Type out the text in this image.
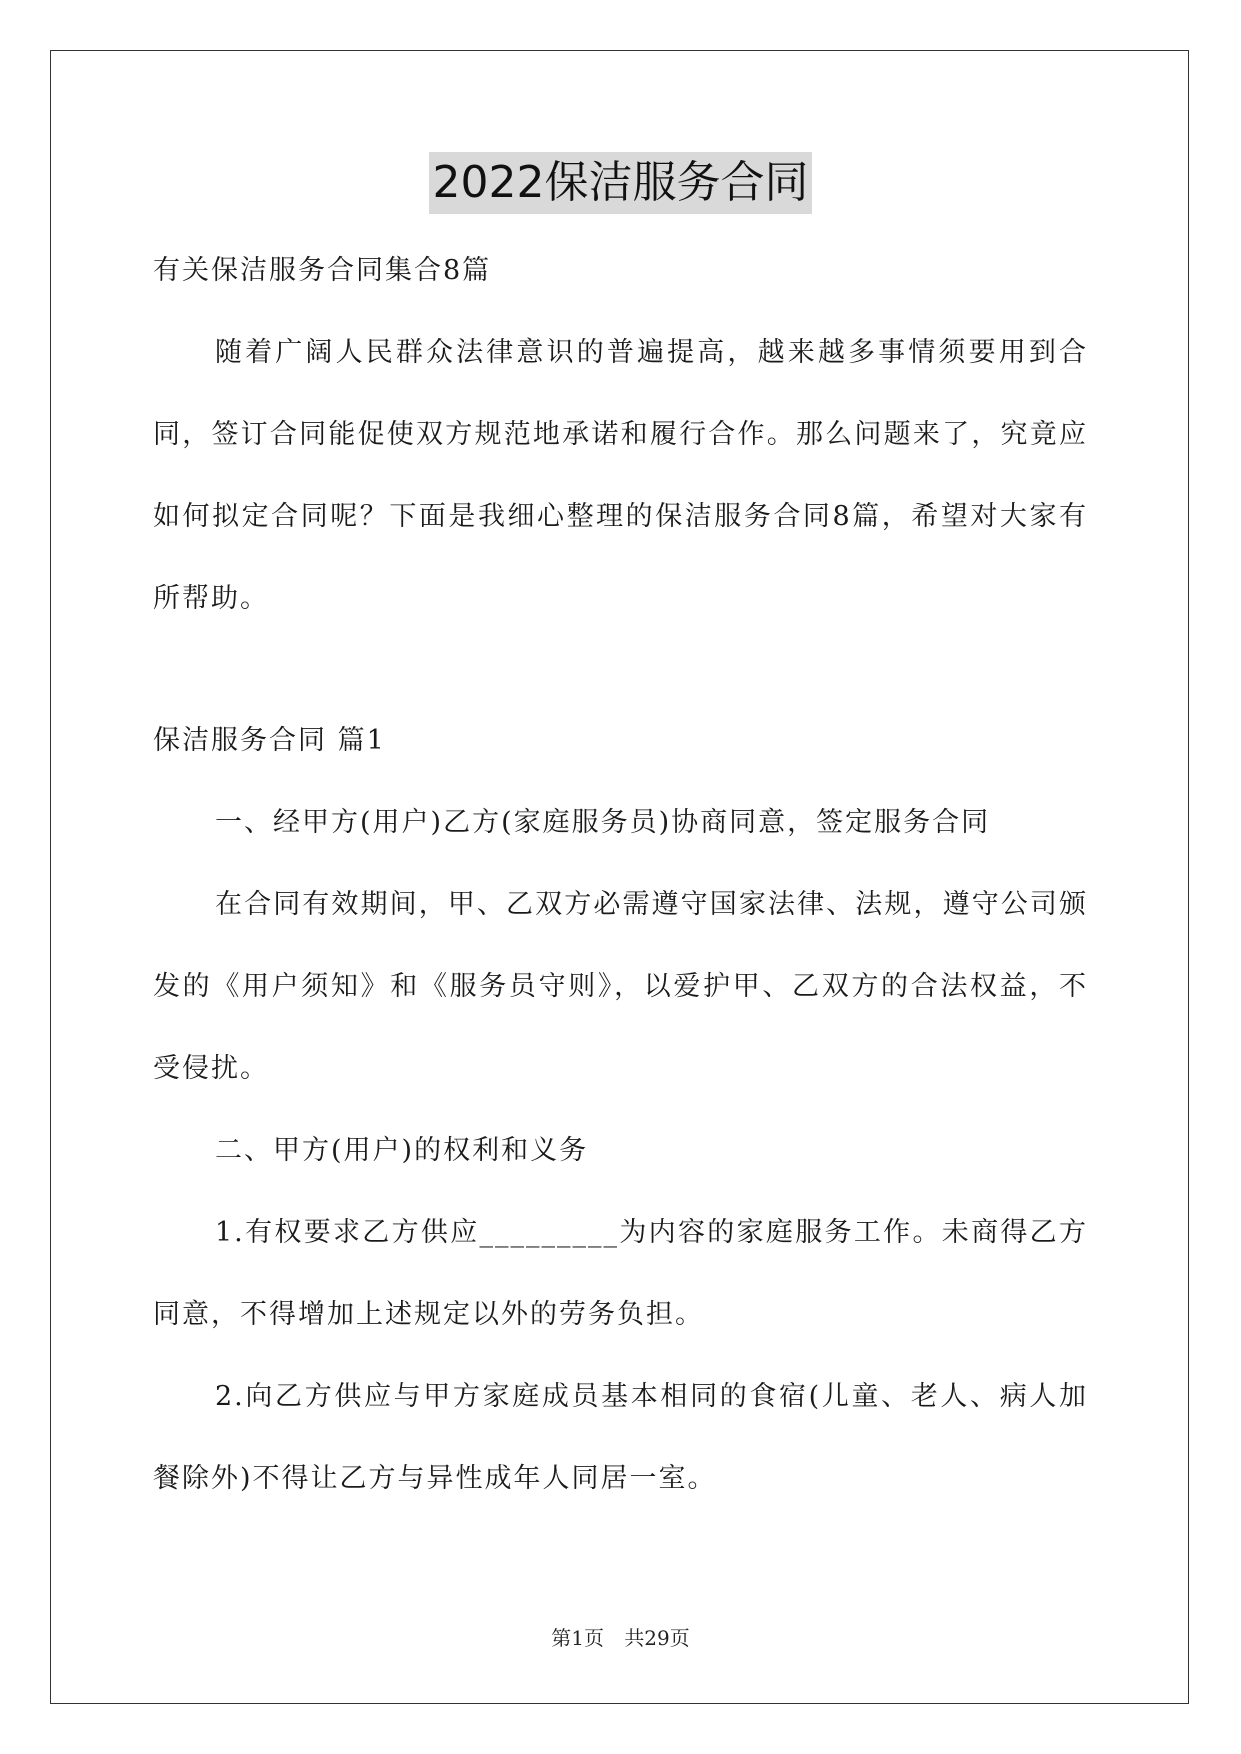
2022保洁服务合同

有关保洁服务合同集合8篇

随着广阔人民群众法律意识的普遍提高，越来越多事情须要用到合同，签订合同能促使双方规范地承诺和履行合作。那么问题来了，究竟应如何拟定合同呢？下面是我细心整理的保洁服务合同8篇，希望对大家有所帮助。

保洁服务合同 篇1

一、经甲方(用户)乙方(家庭服务员)协商同意，签定服务合同

在合同有效期间，甲、乙双方必需遵守国家法律、法规，遵守公司颁发的《用户须知》和《服务员守则》，以爱护甲、乙双方的合法权益，不受侵扰。

二、甲方(用户)的权利和义务

1.有权要求乙方供应_________为内容的家庭服务工作。未商得乙方同意，不得增加上述规定以外的劳务负担。

2.向乙方供应与甲方家庭成员基本相同的食宿(儿童、老人、病人加餐除外)不得让乙方与异性成年人同居一室。

第1页 共29页
